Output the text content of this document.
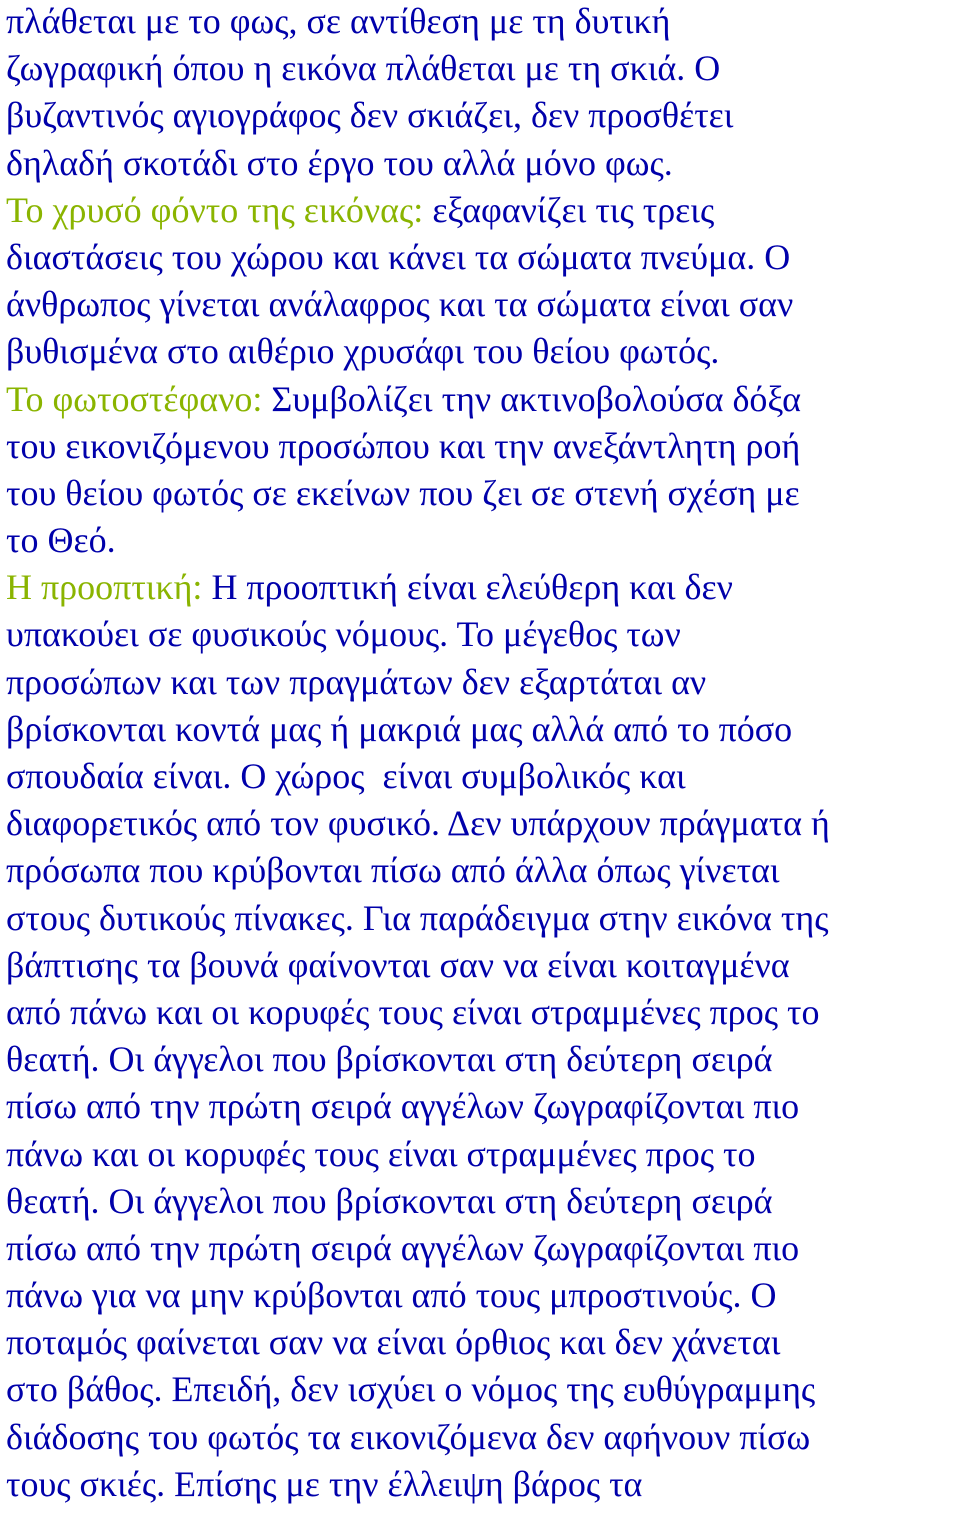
πλάθεται με το φως, σε αντίθεση με τη δυτική
ζωγραφική όπου η εικόνα πλάθεται με τη σκιά. Ο
βυζαντινός αγιογράφος δεν σκιάζει, δεν προσθέτει
δηλαδή σκοτάδι στο έργο του αλλά μόνο φως.
Το χρυσό φόντο της εικόνας: εξαφανίζει τις τρεις
διαστάσεις του χώρου και κάνει τα σώματα πνεύμα. Ο
άνθρωπος γίνεται ανάλαφρος και τα σώματα είναι σαν
βυθισμένα στο αιθέριο χρυσάφι του θείου φωτός.
Το φωτοστέφανο: Συμβολίζει την ακτινοβολούσα δόξα
του εικονιζόμενου προσώπου και την ανεξάντλητη ροή
του θείου φωτός σε εκείνων που ζει σε στενή σχέση με
το Θεό.
Η προοπτική: Η προοπτική είναι ελεύθερη και δεν
υπακούει σε φυσικούς νόμους. Το μέγεθος των
προσώπων και των πραγμάτων δεν εξαρτάται αν
βρίσκονται κοντά μας ή μακριά μας αλλά από το πόσο
σπουδαία είναι. Ο χώρος  είναι συμβολικός και
διαφορετικός από τον φυσικό. Δεν υπάρχουν πράγματα ή
πρόσωπα που κρύβονται πίσω από άλλα όπως γίνεται
στους δυτικούς πίνακες. Για παράδειγμα στην εικόνα της
βάπτισης τα βουνά φαίνονται σαν να είναι κοιταγμένα
από πάνω και οι κορυφές τους είναι στραμμένες προς το
θεατή. Οι άγγελοι που βρίσκονται στη δεύτερη σειρά
πίσω από την πρώτη σειρά αγγέλων ζωγραφίζονται πιο
πάνω και οι κορυφές τους είναι στραμμένες προς το
θεατή. Οι άγγελοι που βρίσκονται στη δεύτερη σειρά
πίσω από την πρώτη σειρά αγγέλων ζωγραφίζονται πιο
πάνω για να μην κρύβονται από τους μπροστινούς. Ο
ποταμός φαίνεται σαν να είναι όρθιος και δεν χάνεται
στο βάθος. Επειδή, δεν ισχύει ο νόμος της ευθύγραμμης
διάδοσης του φωτός τα εικονιζόμενα δεν αφήνουν πίσω
τους σκιές. Επίσης με την έλλειψη βάρος τα
